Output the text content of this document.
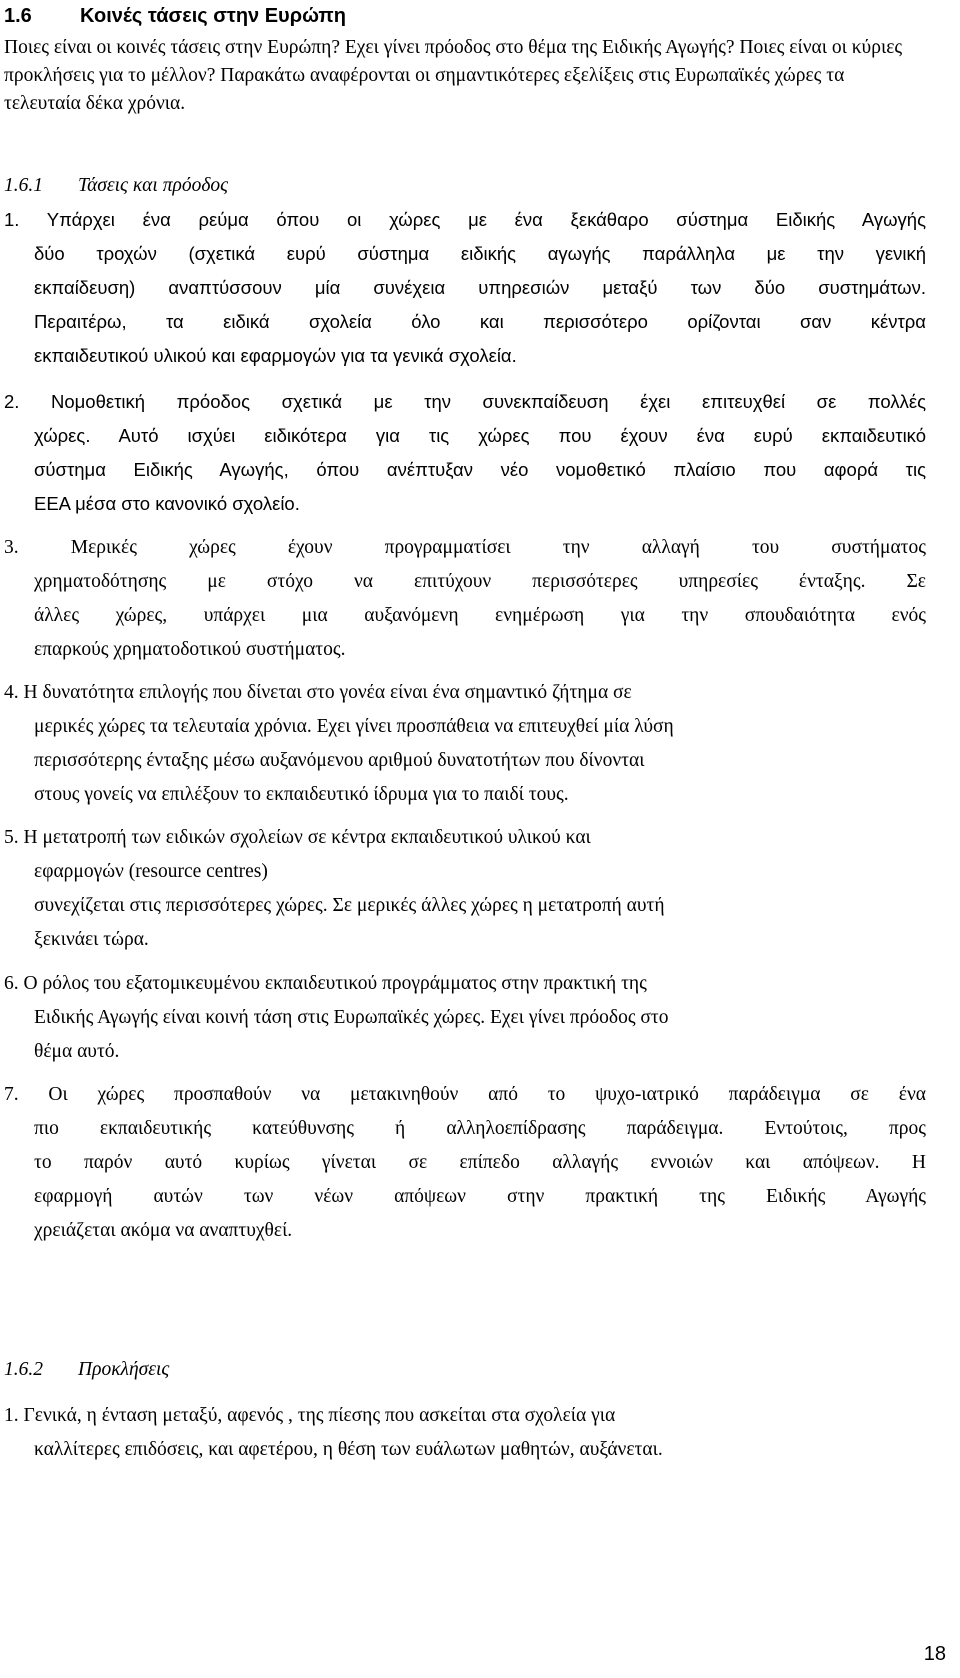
1.6 Κοινές τάσεις στην Ευρώπη

Ποιες είναι οι κοινές τάσεις στην Ευρώπη? Εχει γίνει πρόοδος στο θέμα της Ειδικής Αγωγής? Ποιες είναι οι κύριες προκλήσεις για το μέλλον? Παρακάτω αναφέρονται οι σημαντικότερες εξελίξεις στις Ευρωπαϊκές χώρες τα τελευταία δέκα χρόνια.

1.6.1 Τάσεις και πρόοδος
1. Υπάρχει ένα ρεύμα όπου οι χώρες με ένα ξεκάθαρο σύστημα Ειδικής Αγωγής
δύο τροχών (σχετικά ευρύ σύστημα ειδικής αγωγής παράλληλα με την γενική
εκπαίδευση) αναπτύσσουν μία συνέχεια υπηρεσιών μεταξύ των δύο συστημάτων.
Περαιτέρω, τα ειδικά σχολεία όλο και περισσότερο ορίζονται σαν κέντρα
εκπαιδευτικού υλικού και εφαρμογών για τα γενικά σχολεία.
2. Νομοθετική πρόοδος σχετικά με την συνεκπαίδευση έχει επιτευχθεί σε πολλές
χώρες. Αυτό ισχύει ειδικότερα για τις χώρες που έχουν ένα ευρύ εκπαιδευτικό
σύστημα Ειδικής Αγωγής, όπου ανέπτυξαν νέο νομοθετικό πλαίσιο που αφορά τις
ΕΕΑ μέσα στο κανονικό σχολείο.
3. Μερικές χώρες έχουν προγραμματίσει την αλλαγή του συστήματος
χρηματοδότησης με στόχο να επιτύχουν περισσότερες υπηρεσίες ένταξης. Σε
άλλες χώρες, υπάρχει μια αυξανόμενη ενημέρωση για την σπουδαιότητα ενός
επαρκούς χρηματοδοτικού συστήματος.
4. Η δυνατότητα επιλογής που δίνεται στο γονέα είναι ένα σημαντικό ζήτημα σε
μερικές χώρες τα τελευταία χρόνια. Εχει γίνει προσπάθεια να επιτευχθεί μία λύση
περισσότερης ένταξης μέσω αυξανόμενου αριθμού δυνατοτήτων που δίνονται
στους γονείς να επιλέξουν το εκπαιδευτικό ίδρυμα για το παιδί τους.
5. Η μετατροπή των ειδικών σχολείων σε κέντρα εκπαιδευτικού υλικού και
εφαρμογών (resource centres)
συνεχίζεται στις περισσότερες χώρες. Σε μερικές άλλες χώρες η μετατροπή αυτή
ξεκινάει τώρα.
6. Ο ρόλος του εξατομικευμένου εκπαιδευτικού προγράμματος στην πρακτική της
Ειδικής Αγωγής είναι κοινή τάση στις Ευρωπαϊκές χώρες. Εχει γίνει πρόοδος στο
θέμα αυτό.
7. Οι χώρες προσπαθούν να μετακινηθούν από το ψυχο-ιατρικό παράδειγμα σε ένα
πιο εκπαιδευτικής κατεύθυνσης ή αλληλοεπίδρασης παράδειγμα. Εντούτοις, προς
το παρόν αυτό κυρίως γίνεται σε επίπεδο αλλαγής εννοιών και απόψεων. Η
εφαρμογή αυτών των νέων απόψεων στην πρακτική της Ειδικής Αγωγής
χρειάζεται ακόμα να αναπτυχθεί.
1.6.2 Προκλήσεις
1. Γενικά, η ένταση μεταξύ, αφενός , της πίεσης που ασκείται στα σχολεία για
καλλίτερες επιδόσεις, και αφετέρου, η θέση των ευάλωτων μαθητών, αυξάνεται.

18
